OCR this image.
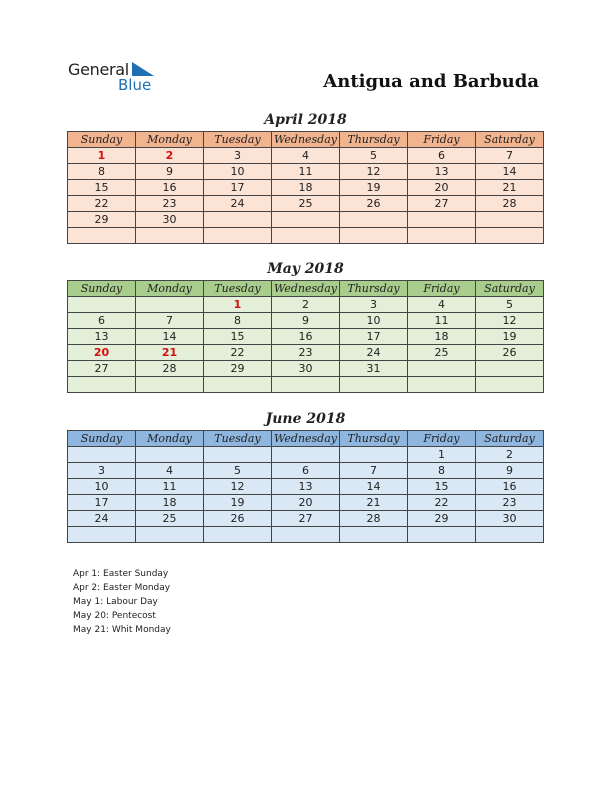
General
Blue	Antigua and Barbuda
April 2018
Sunday	Monday	Tuesday	Wednesday	Thursday	Friday	Saturday
1	2	3	4	5	6	7
8	9	10	11	12	13	14
15	16	17	18	19	20	21
22	23	24	25	26	27	28
29	30					

May 2018
Sunday	Monday	Tuesday	Wednesday	Thursday	Friday	Saturday
		1	2	3	4	5
6	7	8	9	10	11	12
13	14	15	16	17	18	19
20	21	22	23	24	25	26
27	28	29	30	31		

June 2018
Sunday	Monday	Tuesday	Wednesday	Thursday	Friday	Saturday
					1	2
3	4	5	6	7	8	9
10	11	12	13	14	15	16
17	18	19	20	21	22	23
24	25	26	27	28	29	30

Apr 1: Easter Sunday
Apr 2: Easter Monday
May 1: Labour Day
May 20: Pentecost
May 21: Whit Monday
